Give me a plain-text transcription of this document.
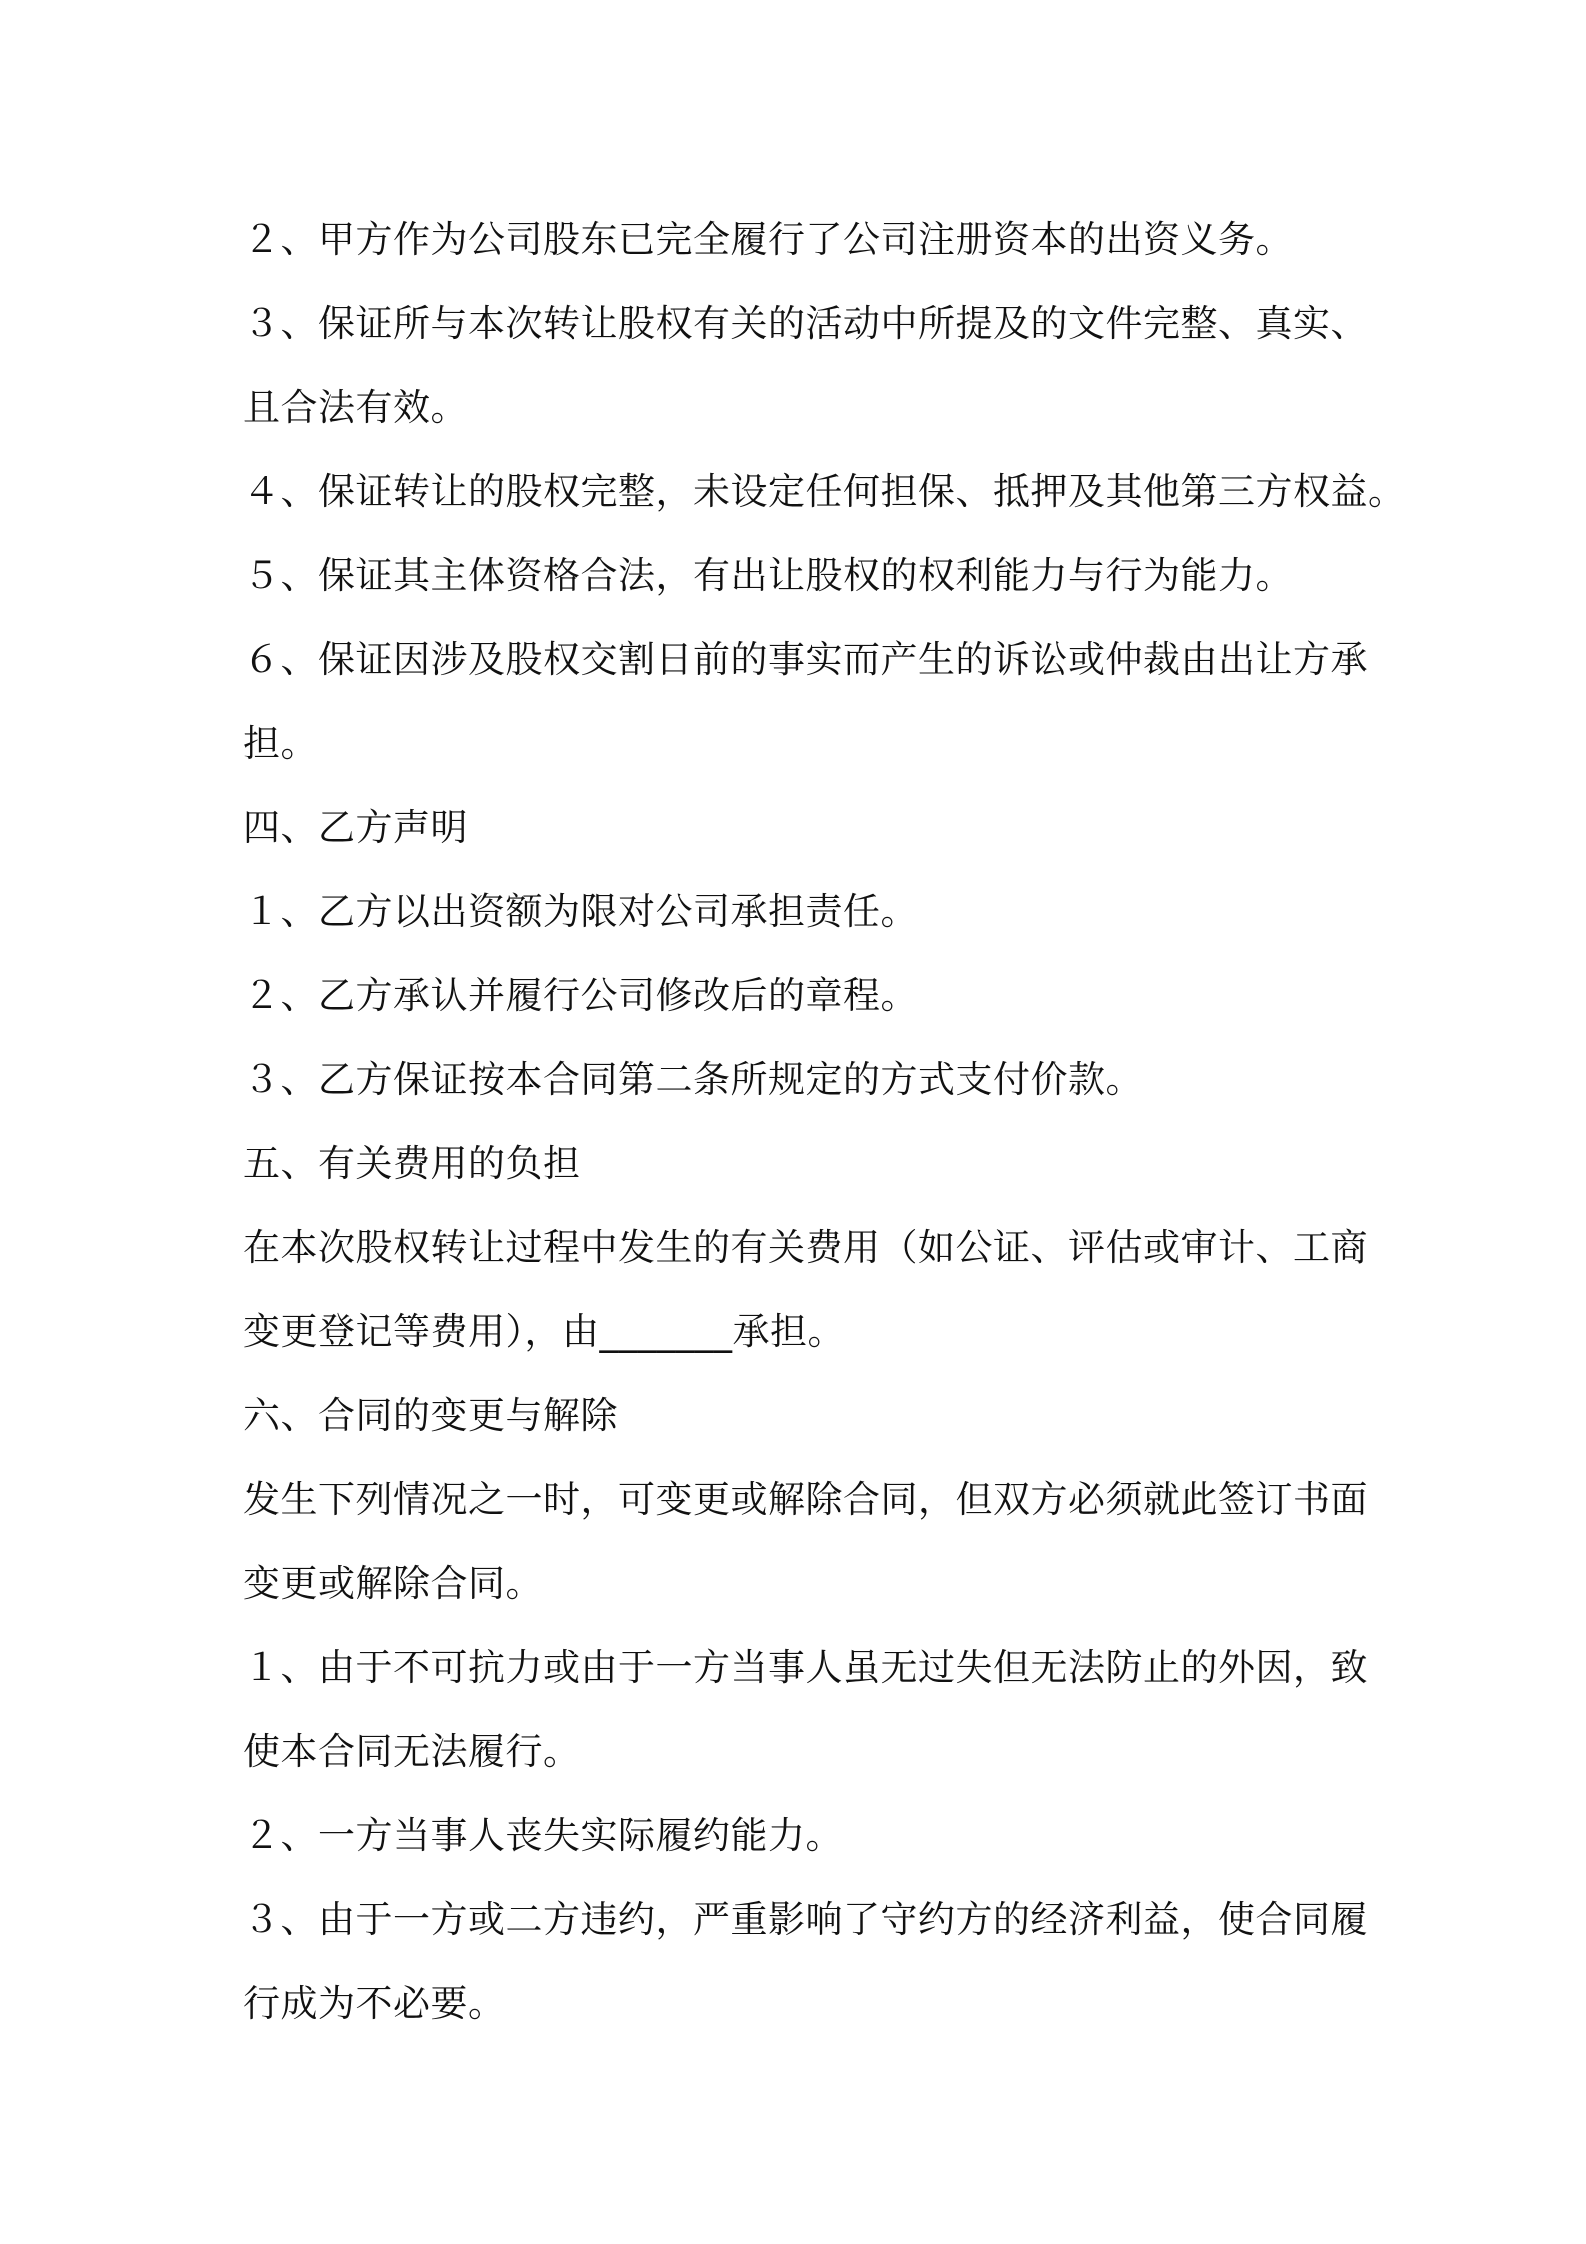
２、甲方作为公司股东已完全履行了公司注册资本的出资义务。
３、保证所与本次转让股权有关的活动中所提及的文件完整、真实、
且合法有效。
４、保证转让的股权完整，未设定任何担保、抵押及其他第三方权益。
５、保证其主体资格合法，有出让股权的权利能力与行为能力。
６、保证因涉及股权交割日前的事实而产生的诉讼或仲裁由出让方承
担。
四、乙方声明
１、乙方以出资额为限对公司承担责任。
２、乙方承认并履行公司修改后的章程。
３、乙方保证按本合同第二条所规定的方式支付价款。
五、有关费用的负担
在本次股权转让过程中发生的有关费用（如公证、评估或审计、工商
变更登记等费用），由_______承担。
六、合同的变更与解除
发生下列情况之一时，可变更或解除合同，但双方必须就此签订书面
变更或解除合同。
１、由于不可抗力或由于一方当事人虽无过失但无法防止的外因，致
使本合同无法履行。
２、一方当事人丧失实际履约能力。
３、由于一方或二方违约，严重影响了守约方的经济利益，使合同履
行成为不必要。
